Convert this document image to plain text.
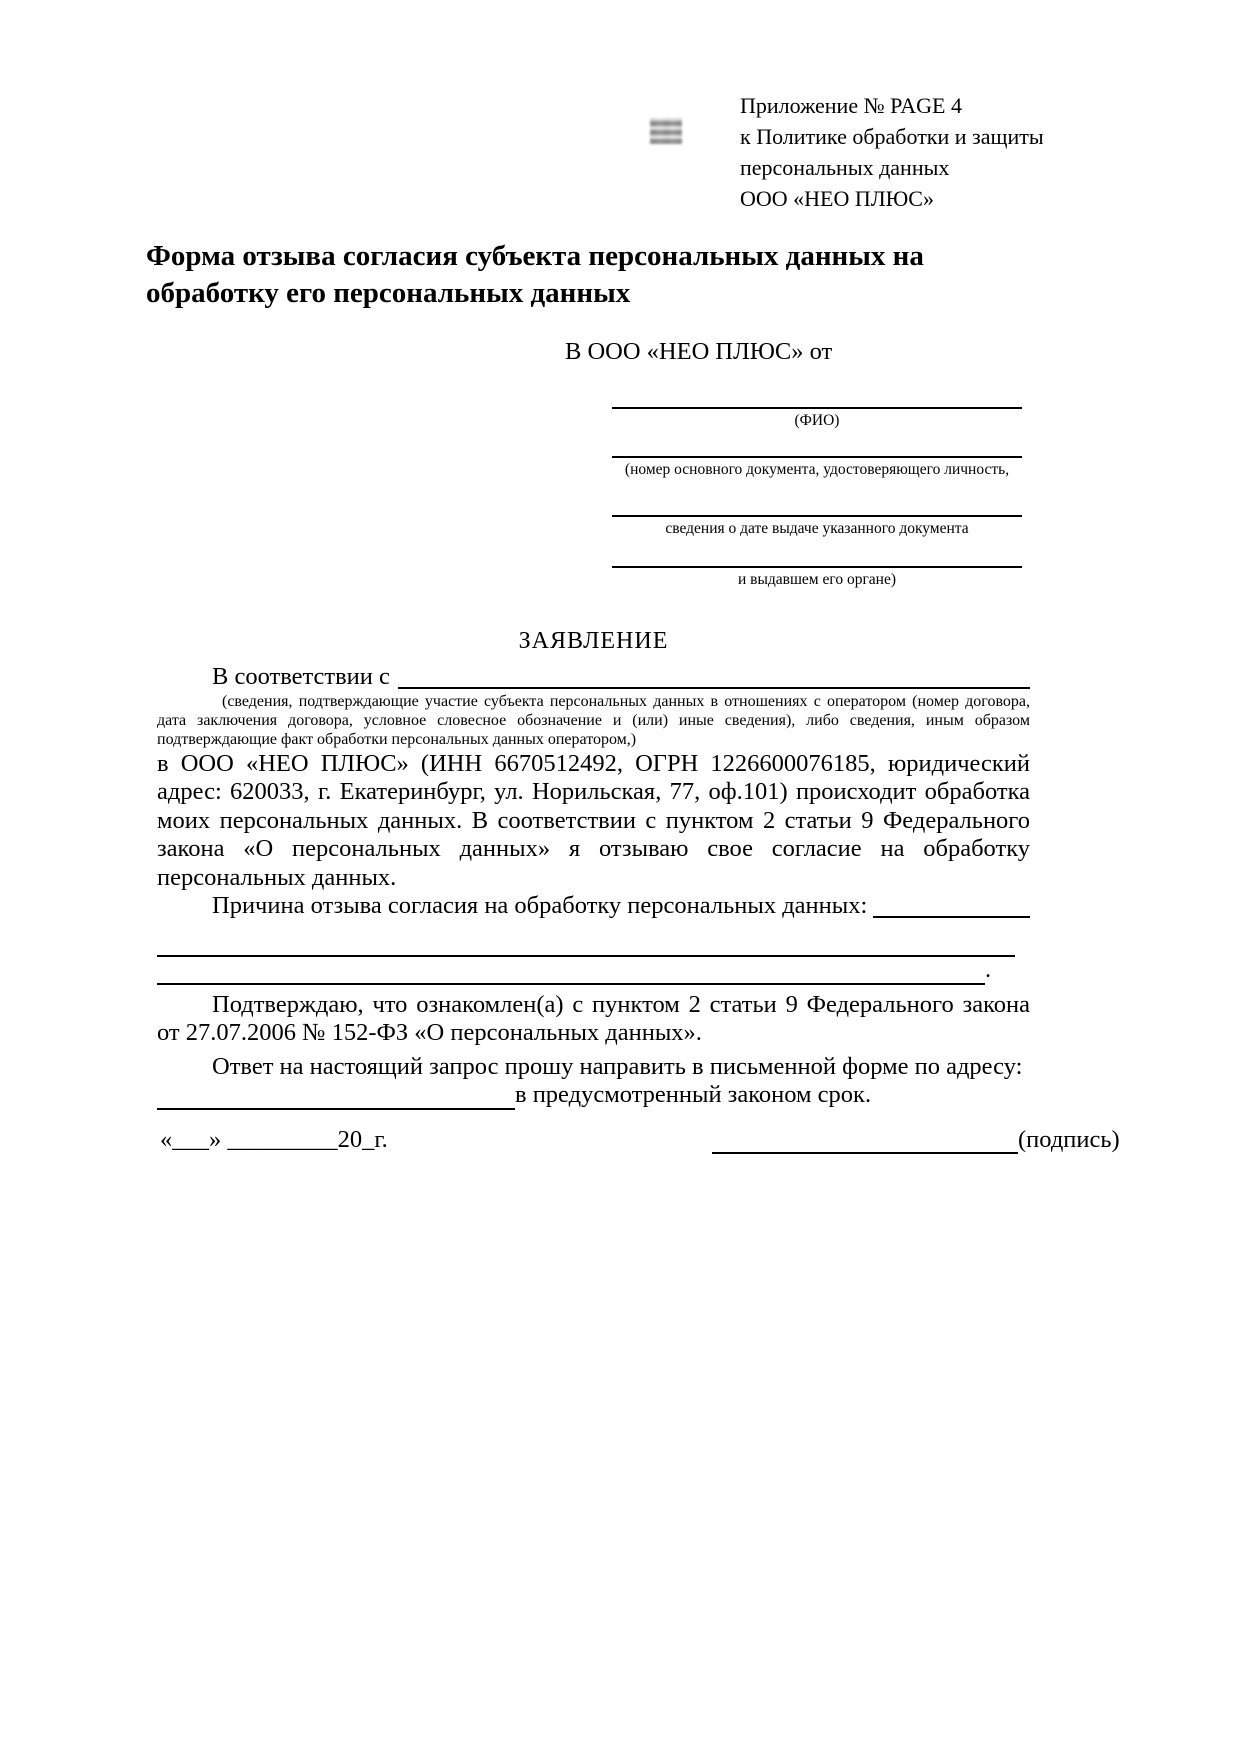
Приложение № PAGE 4
к Политике обработки и защиты
персональных данных
ООО «НЕО ПЛЮС»
Форма отзыва согласия субъекта персональных данных на обработку его персональных данных
В ООО «НЕО ПЛЮС» от
(ФИО)
(номер основного документа, удостоверяющего личность,
сведения о дате выдаче указанного документа
и выдавшем его органе)
ЗАЯВЛЕНИЕ
В соответствии с
(сведения, подтверждающие участие субъекта персональных данных в отношениях с оператором (номер договора, дата заключения договора, условное словесное обозначение и (или) иные сведения), либо сведения, иным образом подтверждающие факт обработки персональных данных оператором,)
в ООО «НЕО ПЛЮС» (ИНН 6670512492, ОГРН 1226600076185, юридический адрес: 620033, г. Екатеринбург, ул. Норильская, 77, оф.101) происходит обработка моих персональных данных. В соответствии с пунктом 2 статьи 9 Федерального закона «О персональных данных» я отзываю свое согласие на обработку персональных данных.
Причина отзыва согласия на обработку персональных данных:
.
Подтверждаю, что ознакомлен(а) с пунктом 2 статьи 9 Федерального закона от 27.07.2006 № 152-ФЗ «О персональных данных».
Ответ на настоящий запрос прошу направить в письменной форме по адресу:
в предусмотренный законом срок.
«___» _________20_г.	(подпись)
